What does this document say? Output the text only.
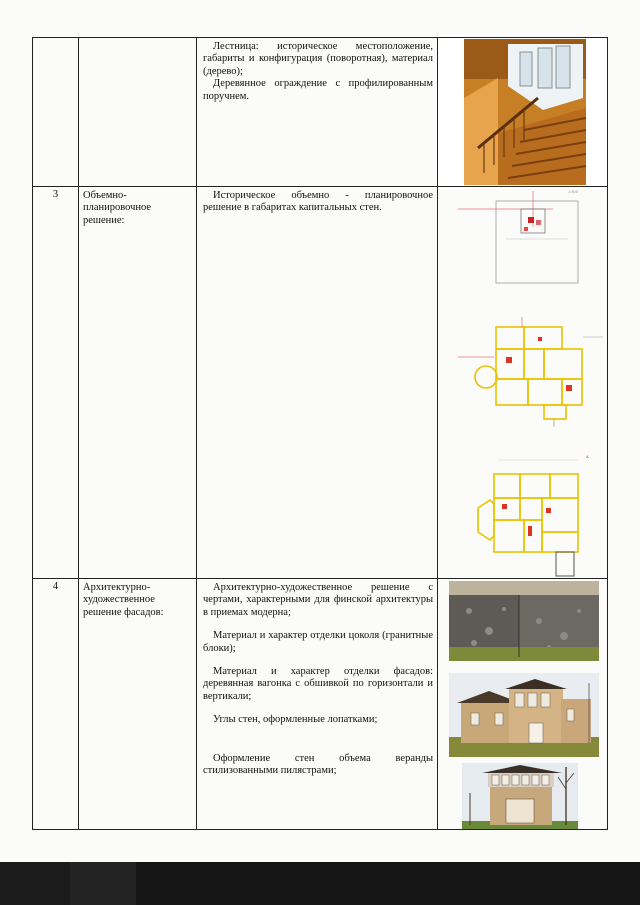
Лестница: историческое местоположение, габариты и конфигурация (поворотная), материал (дерево);

Деревянное ограждение с профилированным поручнем.

3	Объемно-планировочное решение:

Историческое объемно - планировочное решение в габаритах капитальных стен.

1:500
A
4	Архитектурно-художественное решение фасадов:

Архитектурно-художественное решение с чертами, характерными для финской архитектуры в приемах модерна;

Материал и характер отделки цоколя (гранитные блоки);

Материал и характер отделки фасадов: деревянная вагонка с обшивкой по горизонтали и вертикали;

Углы стен, оформленные лопатками;

Оформление стен объема веранды стилизованными пилястрами;
